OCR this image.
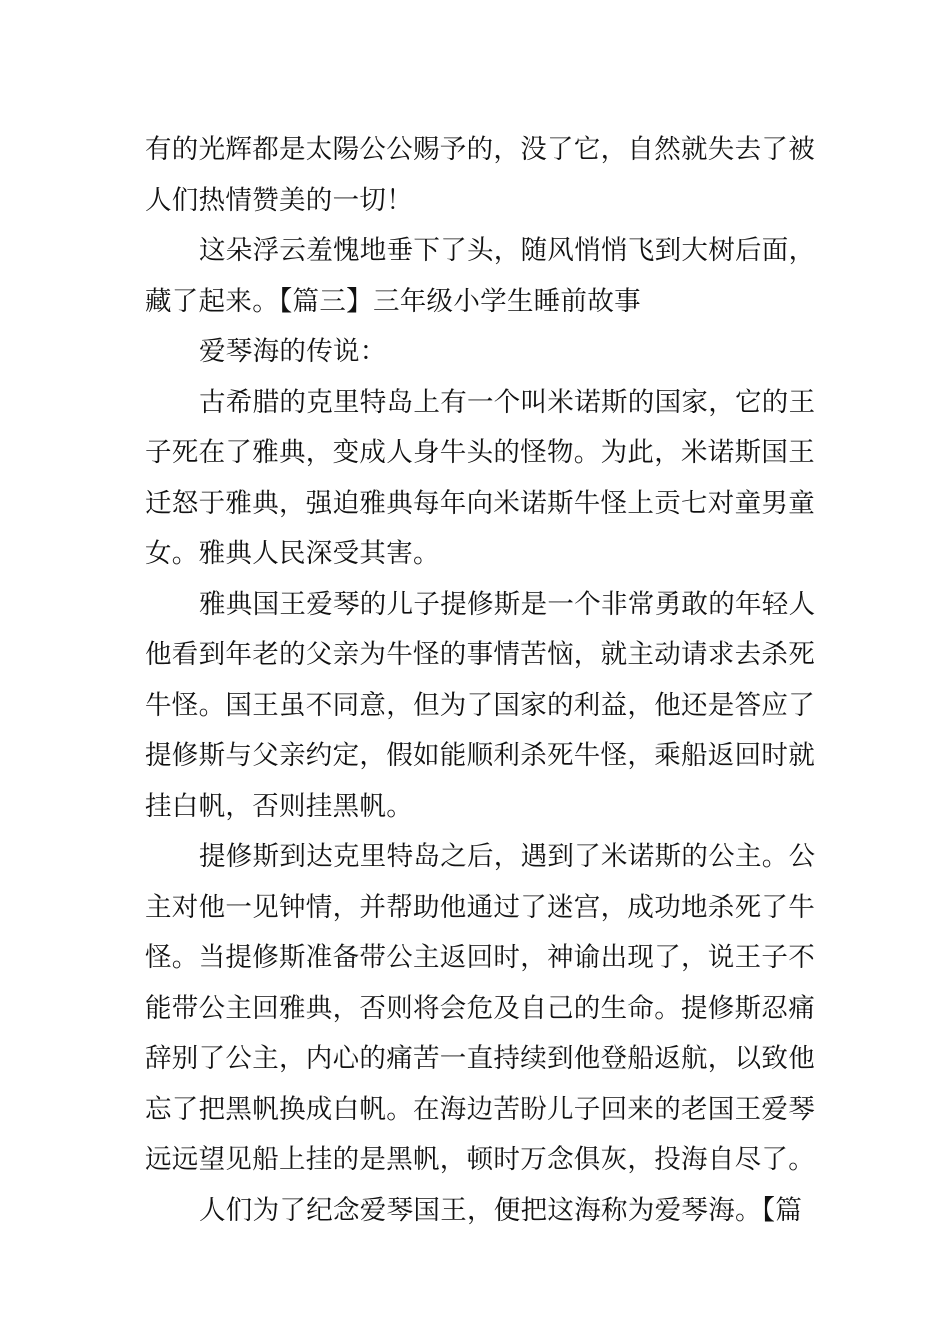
有的光辉都是太陽公公赐予的，没了它，自然就失去了被
人们热情赞美的一切！
这朵浮云羞愧地垂下了头，随风悄悄飞到大树后面，
藏了起来。【篇三】三年级小学生睡前故事
爱琴海的传说：
古希腊的克里特岛上有一个叫米诺斯的国家，它的王
子死在了雅典，变成人身牛头的怪物。为此，米诺斯国王
迁怒于雅典，强迫雅典每年向米诺斯牛怪上贡七对童男童
女。雅典人民深受其害。
雅典国王爱琴的儿子提修斯是一个非常勇敢的年轻人
他看到年老的父亲为牛怪的事情苦恼，就主动请求去杀死
牛怪。国王虽不同意，但为了国家的利益，他还是答应了
提修斯与父亲约定，假如能顺利杀死牛怪，乘船返回时就
挂白帆，否则挂黑帆。
提修斯到达克里特岛之后，遇到了米诺斯的公主。公
主对他一见钟情，并帮助他通过了迷宫，成功地杀死了牛
怪。当提修斯准备带公主返回时，神谕出现了，说王子不
能带公主回雅典，否则将会危及自己的生命。提修斯忍痛
辞别了公主，内心的痛苦一直持续到他登船返航，以致他
忘了把黑帆换成白帆。在海边苦盼儿子回来的老国王爱琴
远远望见船上挂的是黑帆，顿时万念俱灰，投海自尽了。
人们为了纪念爱琴国王，便把这海称为爱琴海。【篇
